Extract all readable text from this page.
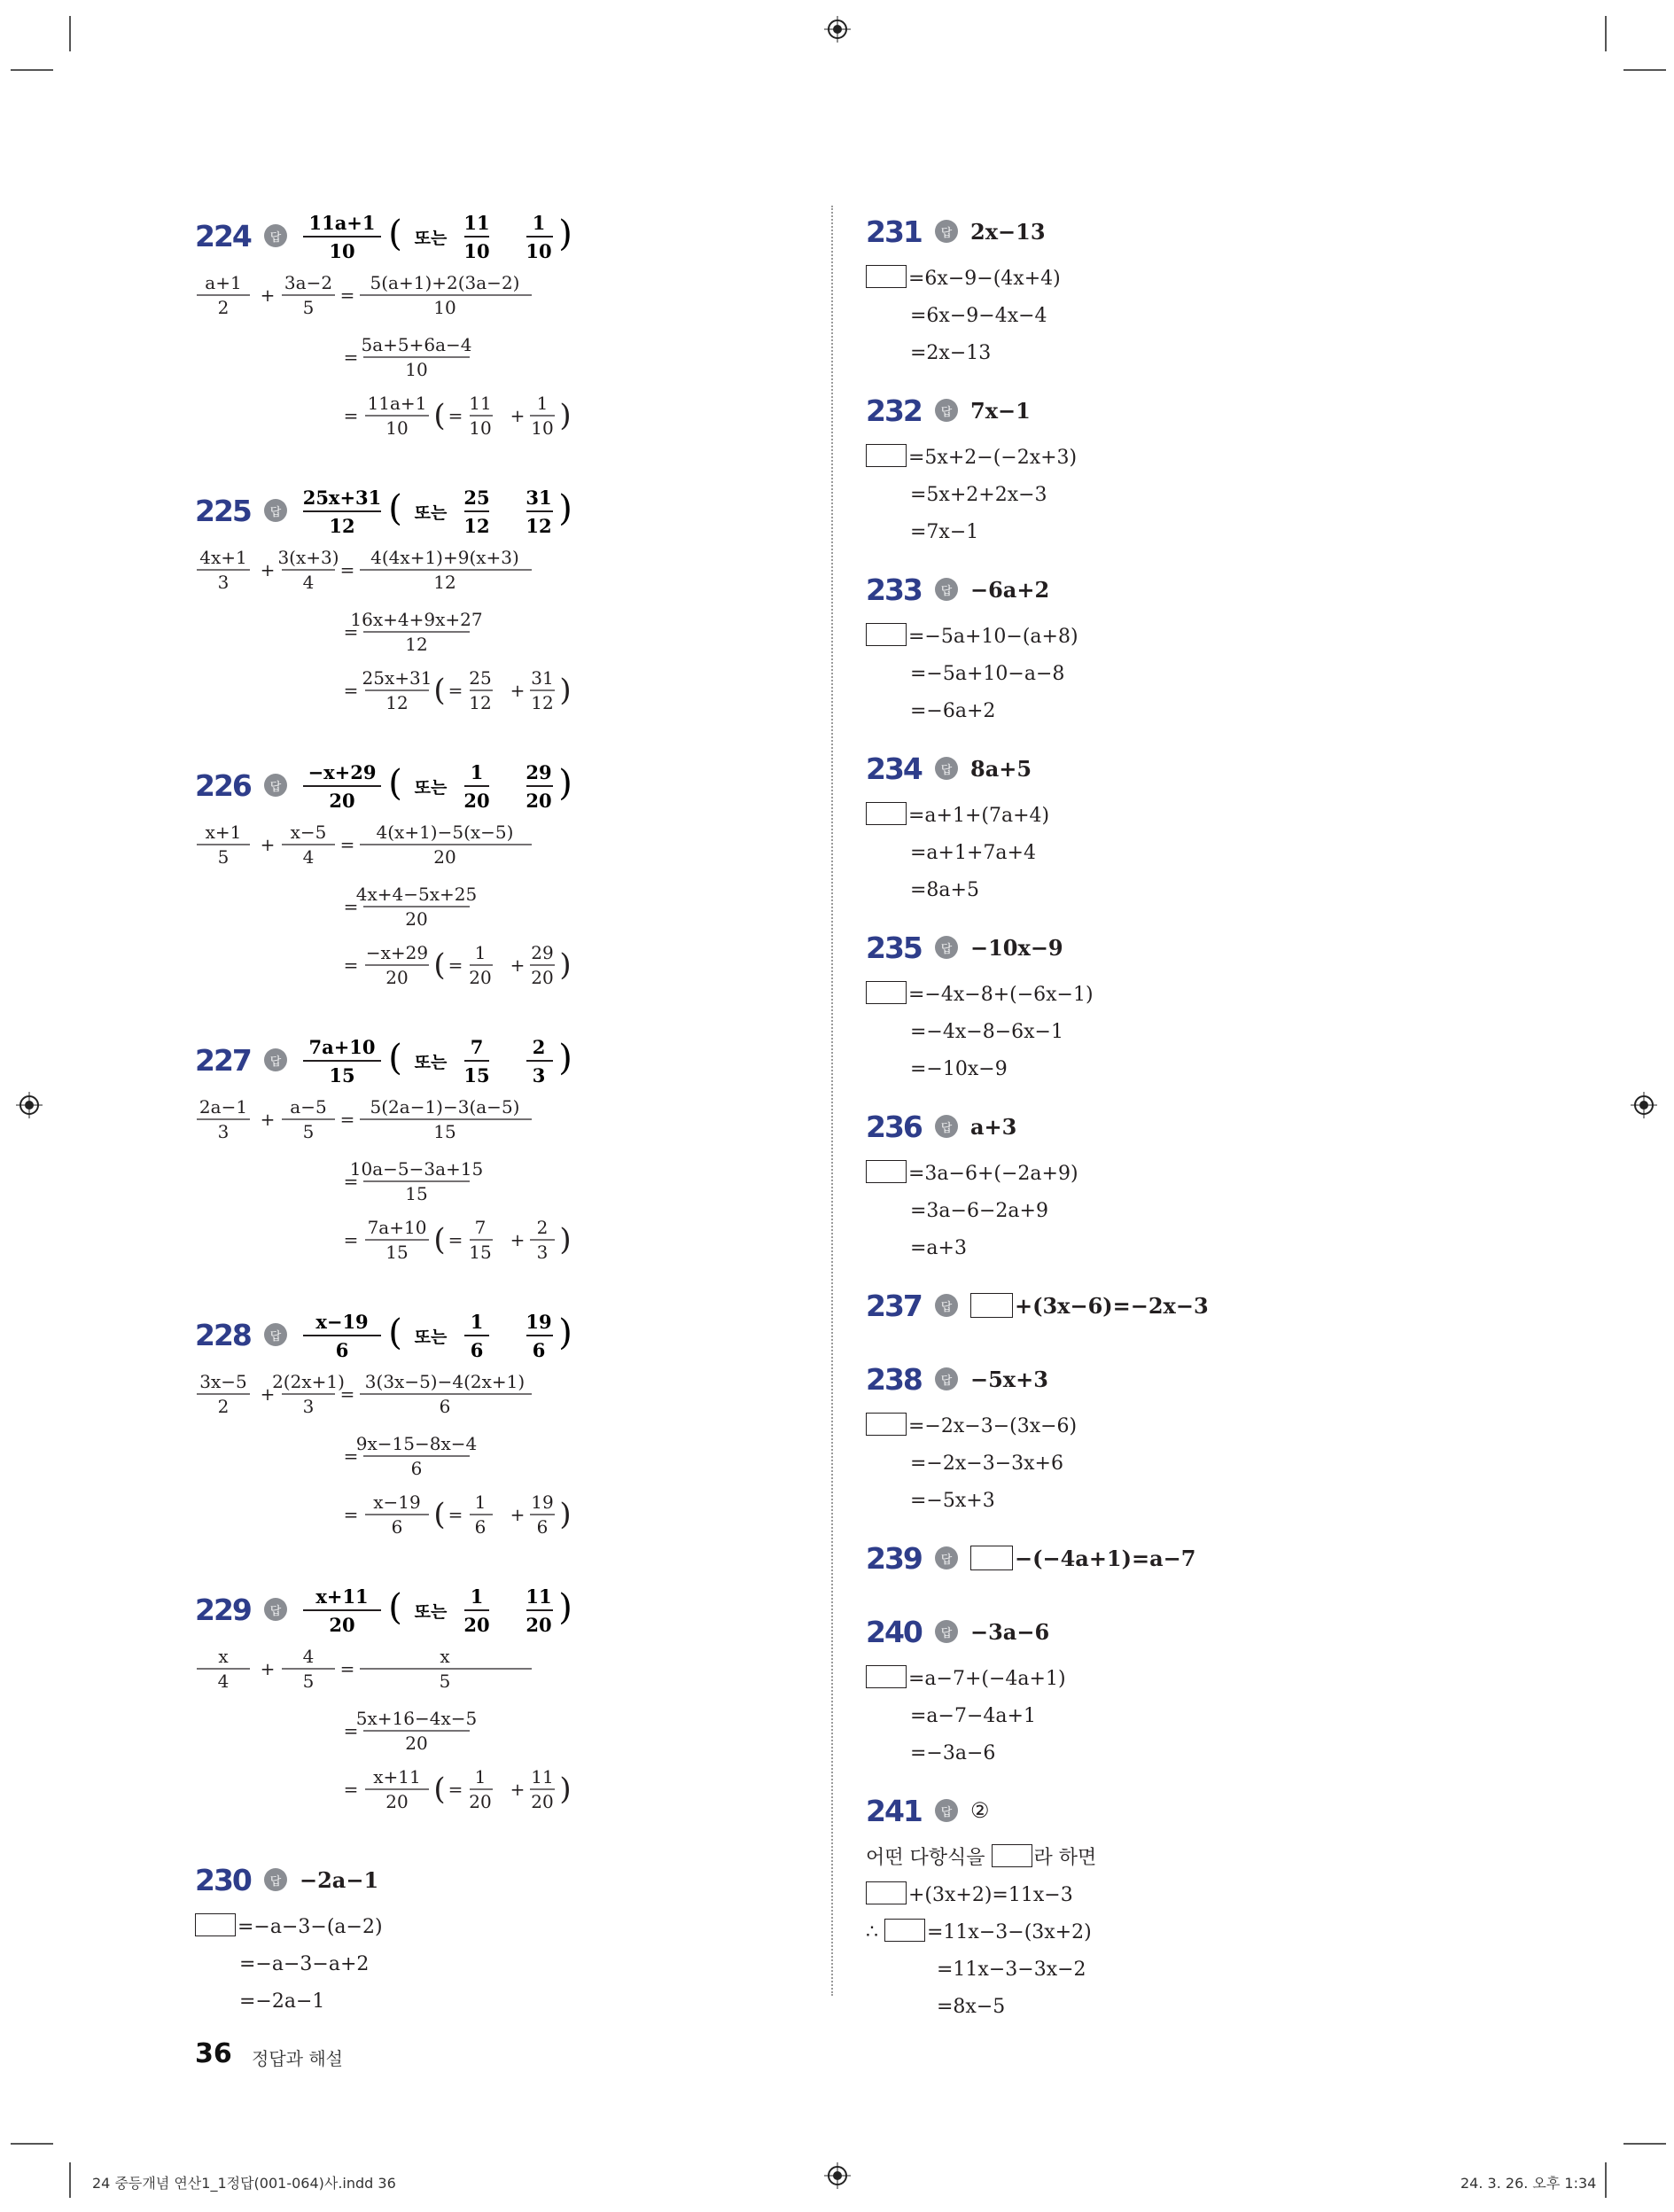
224	답
11a+1
10 ( 또는
11
10
1
10 )
a+1
2
+
3a−2
5
=
5(a+1)+2(3a−2)
10
=
5a+5+6a−4
10
=
11a+1
10 ( =
11
10
+
1
10 )
225	답
25x+31
12 ( 또는
25
12
31
12 )
4x+1
3
+
3(x+3)
4
=
4(4x+1)+9(x+3)
12
=
16x+4+9x+27
12
=
25x+31
12 ( =
25
12
+
31
12 )
226	답
−x+29
20 ( 또는
1
20
29
20 )
x+1
5
+
x−5
4
=
4(x+1)−5(x−5)
20
=
4x+4−5x+25
20
=
−x+29
20 ( =
1
20
+
29
20 )
227	답
7a+10
15 ( 또는
7
15
2
3 )
2a−1
3
+
a−5
5
=
5(2a−1)−3(a−5)
15
=
10a−5−3a+15
15
=
7a+10
15 ( =
7
15
+
2
3 )
228	답
x−19
6 ( 또는
1
6
19
6 )
3x−5
2
+
2(2x+1)
3
=
3(3x−5)−4(2x+1)
6
=
9x−15−8x−4
6
=
x−19
6 ( =
1
6
+
19
6 )
229	답
x+11
20 ( 또는
1
20
11
20 )
x
4
+
4
5
=
x
5
=
5x+16−4x−5
20
=
x+11
20 ( =
1
20
+
11
20 )
230	답 −2a−1
=−a−3−(a−2)
=−a−3−a+2
=−2a−1
231	답 2x−13
=6x−9−(4x+4)
=6x−9−4x−4
=2x−13
232	답 7x−1
=5x+2−(−2x+3)
=5x+2+2x−3
=7x−1
233	답 −6a+2
=−5a+10−(a+8)
=−5a+10−a−8
=−6a+2
234	답 8a+5
=a+1+(7a+4)
=a+1+7a+4
=8a+5
235	답 −10x−9
=−4x−8+(−6x−1)
=−4x−8−6x−1
=−10x−9
236	답 a+3
=3a−6+(−2a+9)
=3a−6−2a+9
=a+3
237	답	+(3x−6)=−2x−3
238	답 −5x+3
=−2x−3−(3x−6)
=−2x−3−3x+6
=−5x+3
239	답	−(−4a+1)=a−7
240	답 −3a−6
=a−7+(−4a+1)
=a−7−4a+1
=−3a−6
241	답 ②
어떤 다항식을 라 하면
+(3x+2)=11x−3
∴	=11x−3−(3x+2)
=11x−3−3x−2
=8x−5
36 정답과 해설
24 중등개념 연산1_1정답(001-064)사.indd 36	24. 3. 26. 오후 1:34
